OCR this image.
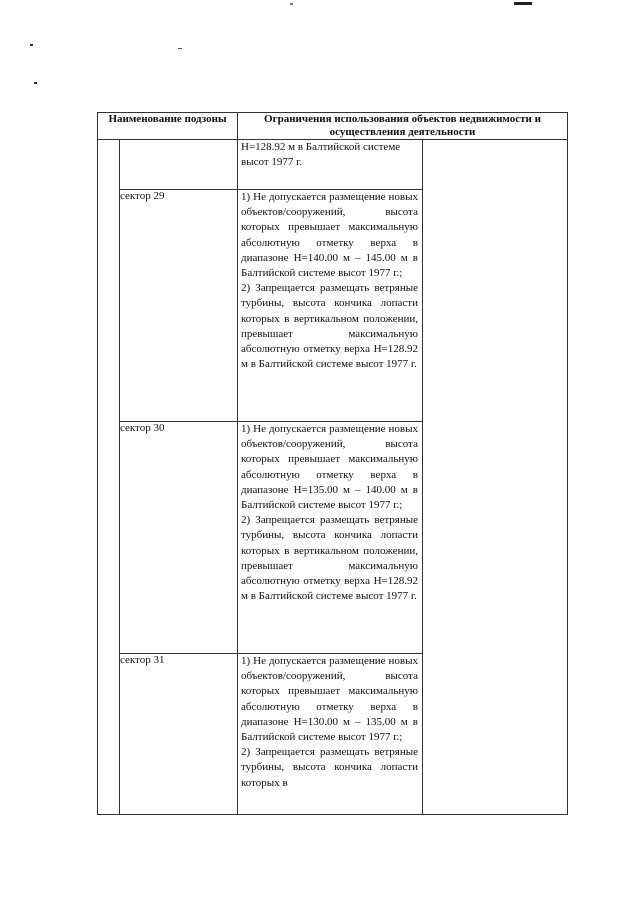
Наименование подзоны		Ограничения использования объектов недвижимости и осуществления деятельности	

		Н=128.92 м в Балтийской системе
высот 1977 г.	

	сектор 29	1) Не допускается размещение новых объектов/сооружений, высота которых превышает максимальную абсолютную отметку верха в диапазоне Н=140.00 м – 145.00 м в Балтийской системе высот 1977 г.;
2) Запрещается размещать ветряные турбины, высота кончика лопасти которых в вертикальном положении, превышает максимальную абсолютную отметку верха Н=128.92 м в Балтийской системе высот 1977 г.	

	сектор 30	1) Не допускается размещение новых объектов/сооружений, высота которых превышает максимальную абсолютную отметку верха в диапазоне Н=135.00 м – 140.00 м в Балтийской системе высот 1977 г.;
2) Запрещается размещать ветряные турбины, высота кончика лопасти которых в вертикальном положении, превышает максимальную абсолютную отметку верха Н=128.92 м в Балтийской системе высот 1977 г.	

	сектор 31	1) Не допускается размещение новых объектов/сооружений, высота которых превышает максимальную абсолютную отметку верха в диапазоне Н=130.00 м – 135.00 м в Балтийской системе высот 1977 г.;
2) Запрещается размещать ветряные турбины, высота кончика лопасти которых в	
